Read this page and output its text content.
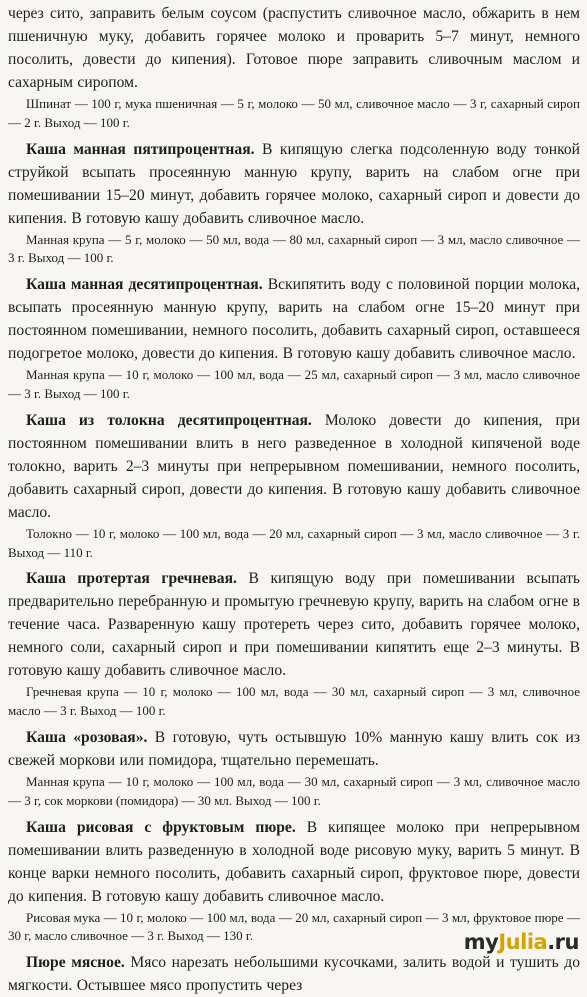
через сито, заправить белым соусом (распустить сливочное масло, обжарить в нем пшеничную муку, добавить горячее молоко и проварить 5–7 минут, немного посолить, довести до кипения). Готовое пюре заправить сливочным маслом и сахарным сиропом.

Шпинат — 100 г, мука пшеничная — 5 г, молоко — 50 мл, сливочное масло — 3 г, сахарный сироп — 2 г. Выход — 100 г.

Каша манная пятипроцентная. В кипящую слегка подсоленную воду тонкой струйкой всыпать просеянную манную крупу, варить на слабом огне при помешивании 15–20 минут, добавить горячее молоко, сахарный сироп и довести до кипения. В готовую кашу добавить сливочное масло.

Манная крупа — 5 г, молоко — 50 мл, вода — 80 мл, сахарный сироп — 3 мл, масло сливочное — 3 г. Выход — 100 г.

Каша манная десятипроцентная. Вскипятить воду с половиной порции молока, всыпать просеянную манную крупу, варить на слабом огне 15–20 минут при постоянном помешивании, немного посолить, добавить сахарный сироп, оставшееся подогретое молоко, довести до кипения. В готовую кашу добавить сливочное масло.

Манная крупа — 10 г, молоко — 100 мл, вода — 25 мл, сахарный сироп — 3 мл, масло сливочное — 3 г. Выход — 100 г.

Каша из толокна десятипроцентная. Молоко довести до кипения, при постоянном помешивании влить в него разведенное в холодной кипяченой воде толокно, варить 2–3 минуты при непрерывном помешивании, немного посолить, добавить сахарный сироп, довести до кипения. В готовую кашу добавить сливочное масло.

Толокно — 10 г, молоко — 100 мл, вода — 20 мл, сахарный сироп — 3 мл, масло сливочное — 3 г. Выход — 110 г.

Каша протертая гречневая. В кипящую воду при помешивании всыпать предварительно перебранную и промытую гречневую крупу, варить на слабом огне в течение часа. Разваренную кашу протереть через сито, добавить горячее молоко, немного соли, сахарный сироп и при помешивании кипятить еще 2–3 минуты. В готовую кашу добавить сливочное масло.

Гречневая крупа — 10 г, молоко — 100 мл, вода — 30 мл, сахарный сироп — 3 мл, сливочное масло — 3 г. Выход — 100 г.

Каша «розовая». В готовую, чуть остывшую 10% манную кашу влить сок из свежей моркови или помидора, тщательно перемешать.

Манная крупа — 10 г, молоко — 100 мл, вода — 30 мл, сахарный сироп — 3 мл, сливочное масло — 3 г, сок моркови (помидора) — 30 мл. Выход — 100 г.

Каша рисовая с фруктовым пюре. В кипящее молоко при непрерывном помешивании влить разведенную в холодной воде рисовую муку, варить 5 минут. В конце варки немного посолить, добавить сахарный сироп, фруктовое пюре, довести до кипения. В готовую кашу добавить сливочное масло.

Рисовая мука — 10 г, молоко — 100 мл, вода — 20 мл, сахарный сироп — 3 мл, фруктовое пюре — 30 г, масло сливочное — 3 г. Выход — 130 г.

Пюре мясное. Мясо нарезать небольшими кусочками, залить водой и тушить до мягкости. Остывшее мясо пропустить через

myJulia.ru
